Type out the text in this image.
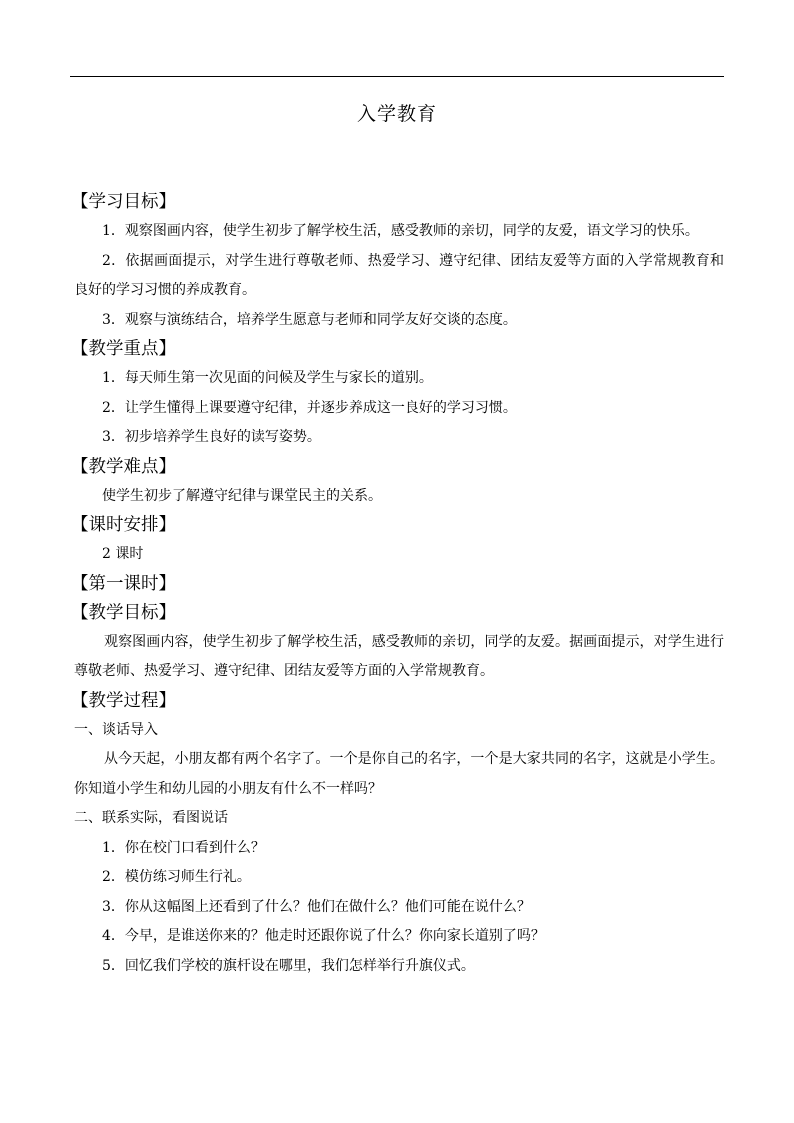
入学教育
【学习目标】
1．观察图画内容，使学生初步了解学校生活，感受教师的亲切，同学的友爱，语文学习的快乐。
2．依据画面提示，对学生进行尊敬老师、热爱学习、遵守纪律、团结友爱等方面的入学常规教育和良好的学习习惯的养成教育。
3．观察与演练结合，培养学生愿意与老师和同学友好交谈的态度。
【教学重点】
1．每天师生第一次见面的问候及学生与家长的道别。
2．让学生懂得上课要遵守纪律，并逐步养成这一良好的学习习惯。
3．初步培养学生良好的读写姿势。
【教学难点】
使学生初步了解遵守纪律与课堂民主的关系。
【课时安排】
2 课时
【第一课时】
【教学目标】
观察图画内容，使学生初步了解学校生活，感受教师的亲切，同学的友爱。据画面提示，对学生进行尊敬老师、热爱学习、遵守纪律、团结友爱等方面的入学常规教育。
【教学过程】
一、谈话导入
从今天起，小朋友都有两个名字了。一个是你自己的名字，一个是大家共同的名字，这就是小学生。你知道小学生和幼儿园的小朋友有什么不一样吗？
二、联系实际，看图说话
1．你在校门口看到什么？
2．模仿练习师生行礼。
3．你从这幅图上还看到了什么？他们在做什么？他们可能在说什么？
4．今早，是谁送你来的？他走时还跟你说了什么？你向家长道别了吗？
5．回忆我们学校的旗杆设在哪里，我们怎样举行升旗仪式。
